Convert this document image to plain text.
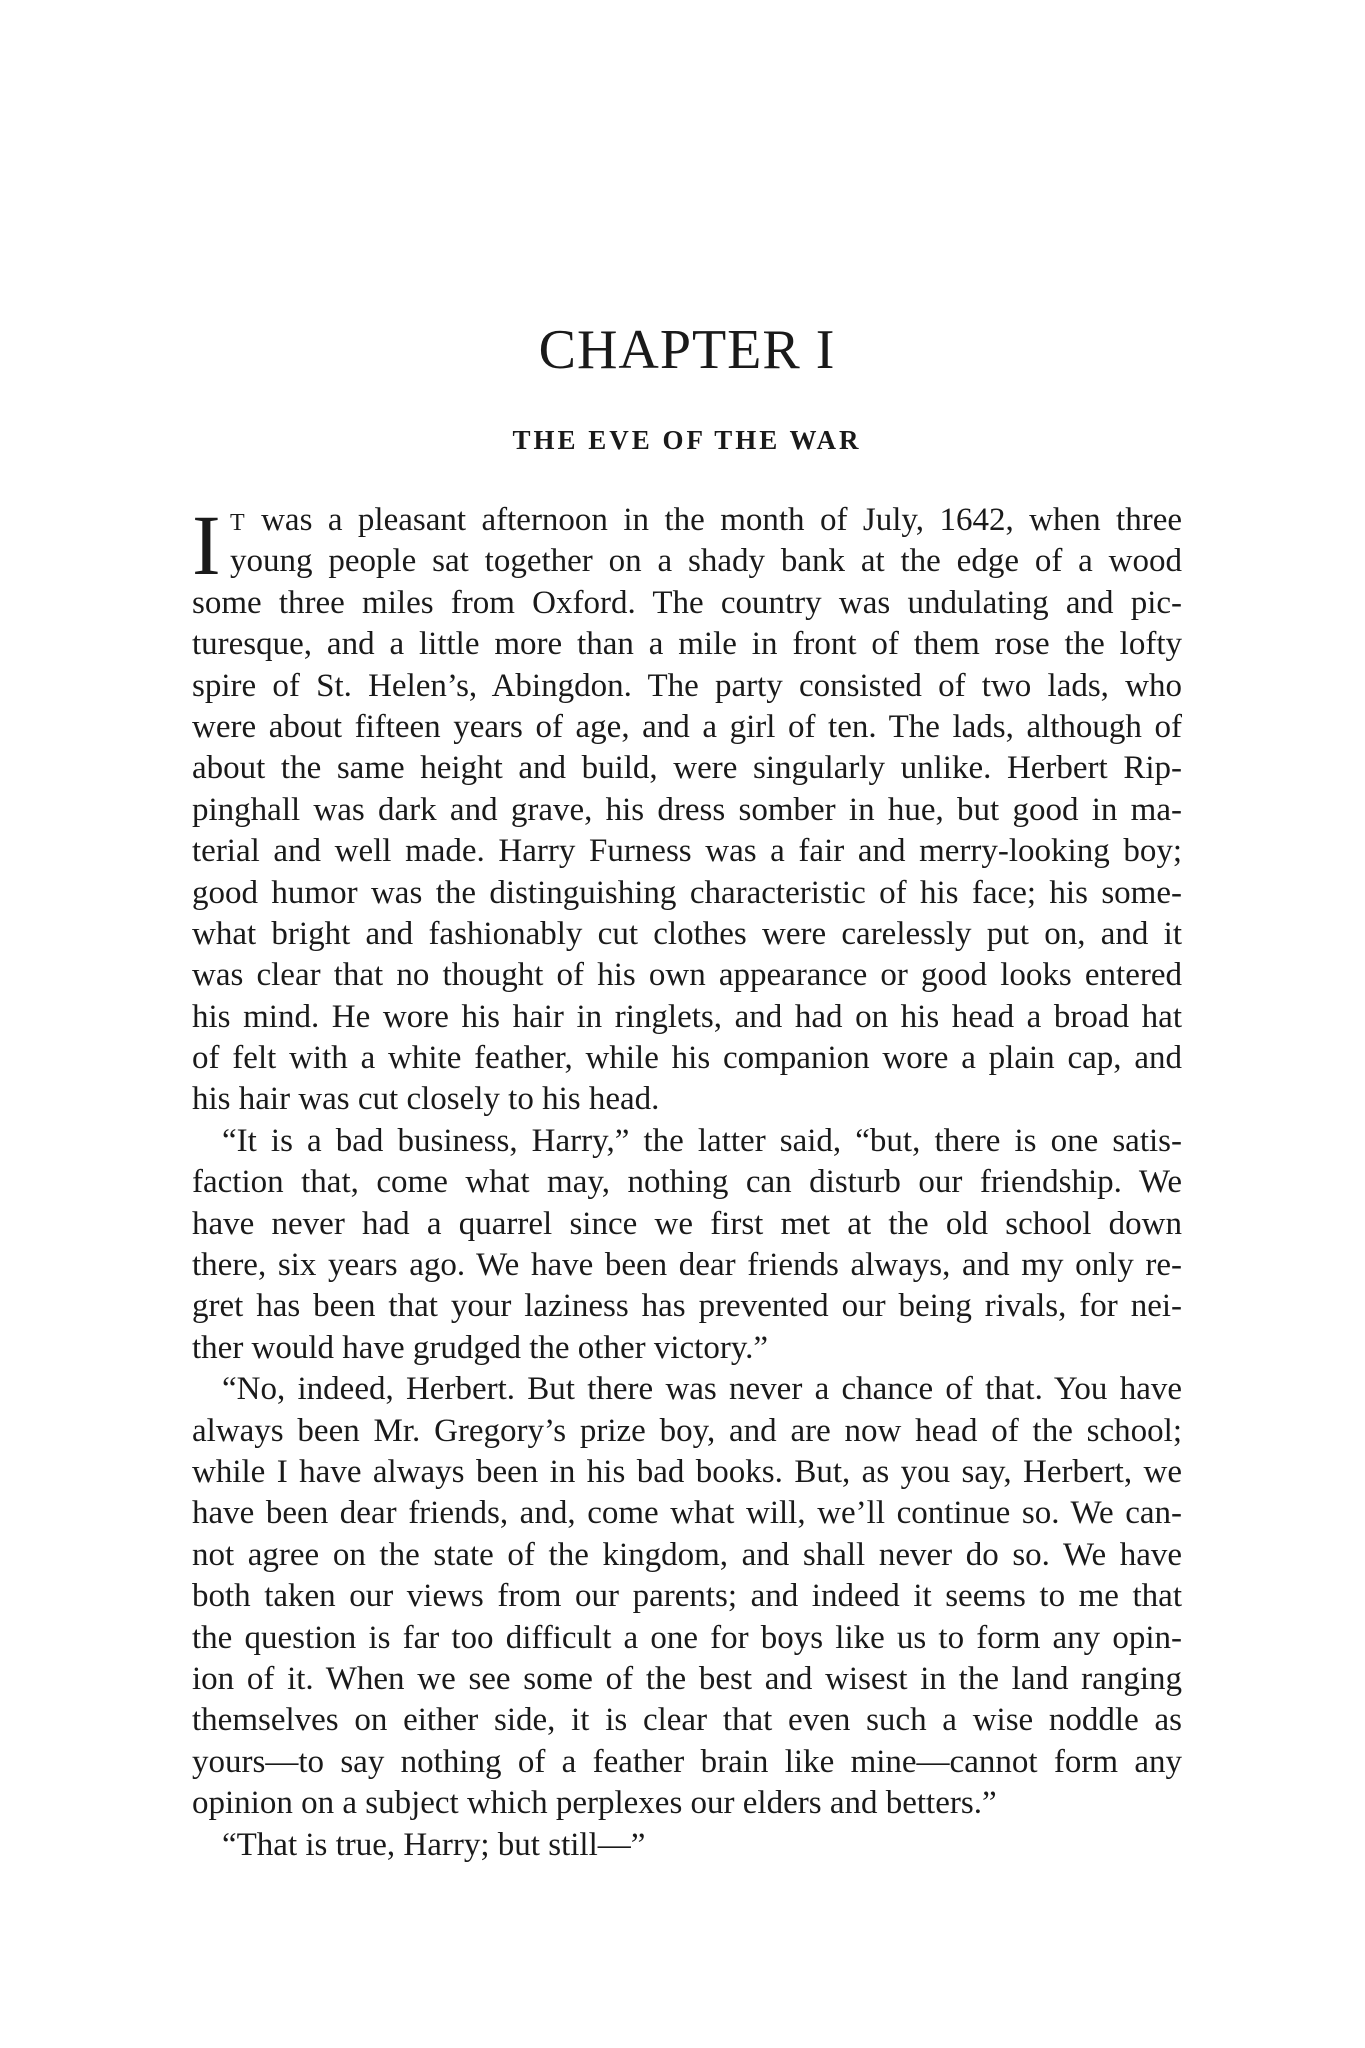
CHAPTER I
THE EVE OF THE WAR
I T was a pleasant afternoon in the month of July, 1642, when three
young people sat together on a shady bank at the edge of a wood
some three miles from Oxford. The country was undulating and pic-
turesque, and a little more than a mile in front of them rose the lofty
spire of St. Helen’s, Abingdon. The party consisted of two lads, who
were about fifteen years of age, and a girl of ten. The lads, although of
about the same height and build, were singularly unlike. Herbert Rip-
pinghall was dark and grave, his dress somber in hue, but good in ma-
terial and well made. Harry Furness was a fair and merry-looking boy;
good humor was the distinguishing characteristic of his face; his some-
what bright and fashionably cut clothes were carelessly put on, and it
was clear that no thought of his own appearance or good looks entered
his mind. He wore his hair in ringlets, and had on his head a broad hat
of felt with a white feather, while his companion wore a plain cap, and
his hair was cut closely to his head.
“It is a bad business, Harry,” the latter said, “but, there is one satis-
faction that, come what may, nothing can disturb our friendship. We
have never had a quarrel since we first met at the old school down
there, six years ago. We have been dear friends always, and my only re-
gret has been that your laziness has prevented our being rivals, for nei-
ther would have grudged the other victory.”
“No, indeed, Herbert. But there was never a chance of that. You have
always been Mr. Gregory’s prize boy, and are now head of the school;
while I have always been in his bad books. But, as you say, Herbert, we
have been dear friends, and, come what will, we’ll continue so. We can-
not agree on the state of the kingdom, and shall never do so. We have
both taken our views from our parents; and indeed it seems to me that
the question is far too difficult a one for boys like us to form any opin-
ion of it. When we see some of the best and wisest in the land ranging
themselves on either side, it is clear that even such a wise noddle as
yours—to say nothing of a feather brain like mine—cannot form any
opinion on a subject which perplexes our elders and betters.”
“That is true, Harry; but still—”
